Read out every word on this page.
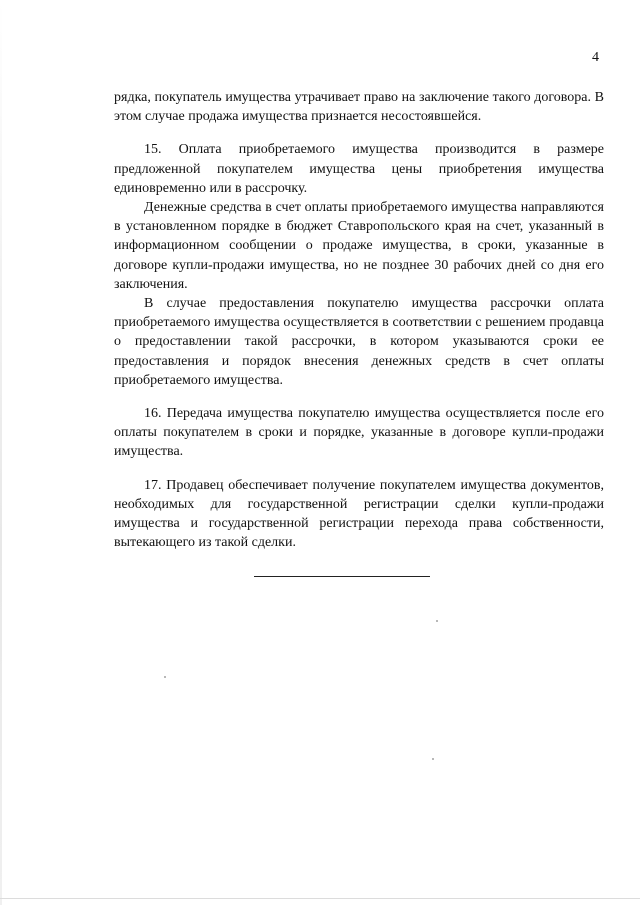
4

рядка, покупатель имущества утрачивает право на заключение такого договора. В этом случае продажа имущества признается несостоявшейся.

15. Оплата приобретаемого имущества производится в размере предложенной покупателем имущества цены приобретения имущества единовременно или в рассрочку.

Денежные средства в счет оплаты приобретаемого имущества направляются в установленном порядке в бюджет Ставропольского края на счет, указанный в информационном сообщении о продаже имущества, в сроки, указанные в договоре купли-продажи имущества, но не позднее 30 рабочих дней со дня его заключения.

В случае предоставления покупателю имущества рассрочки оплата приобретаемого имущества осуществляется в соответствии с решением продавца о предоставлении такой рассрочки, в котором указываются сроки ее предоставления и порядок внесения денежных средств в счет оплаты приобретаемого имущества.

16. Передача имущества покупателю имущества осуществляется после его оплаты покупателем в сроки и порядке, указанные в договоре купли-продажи имущества.

17. Продавец обеспечивает получение покупателем имущества документов, необходимых для государственной регистрации сделки купли-продажи имущества и государственной регистрации перехода права собственности, вытекающего из такой сделки.
